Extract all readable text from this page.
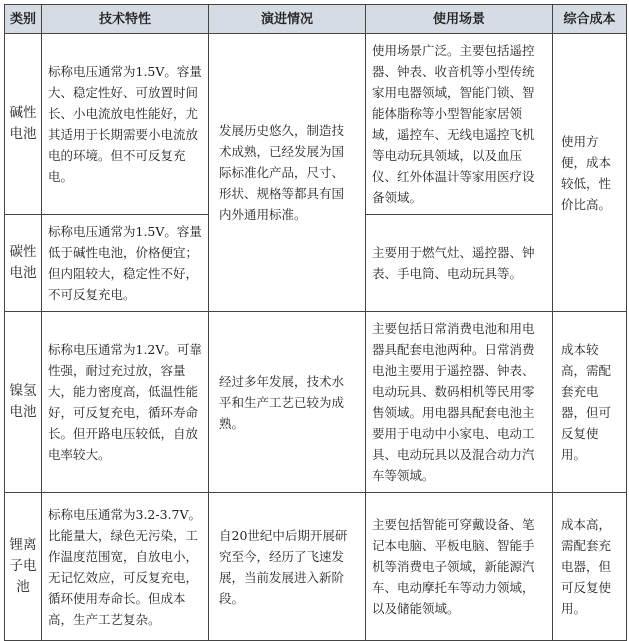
类别	技术特性	演进情况	使用场景	综合成本
碱性电池	标称电压通常为1.5V。容量大、稳定性好、可放置时间长、小电流放电性能好，尤其适用于长期需要小电流放电的环境。但不可反复充电。	发展历史悠久，制造技术成熟，已经发展为国际标准化产品，尺寸、形状、规格等都具有国内外通用标准。	使用场景广泛。主要包括遥控器、钟表、收音机等小型传统家用电器领域，智能门锁、智能体脂称等小型智能家居领域，遥控车、无线电遥控飞机等电动玩具领域，以及血压仪、红外体温计等家用医疗设备领域。	使用方便，成本较低，性价比高。
碳性电池	标称电压通常为1.5V。容量低于碱性电池，价格便宜；但内阻较大，稳定性不好，不可反复充电。		主要用于燃气灶、遥控器、钟表、手电筒、电动玩具等。	
镍氢电池	标称电压通常为1.2V。可靠性强，耐过充过放，容量大，能力密度高，低温性能好，可反复充电，循环寿命长。但开路电压较低，自放电率较大。	经过多年发展，技术水平和生产工艺已较为成熟。	主要包括日常消费电池和用电器具配套电池两种。日常消费电池主要用于遥控器、钟表、电动玩具、数码相机等民用零售领域。用电器具配套电池主要用于电动中小家电、电动工具、电动玩具以及混合动力汽车等领域。	成本较高，需配套充电器，但可反复使用。
锂离子电池	标称电压通常为3.2-3.7V。比能量大，绿色无污染，工作温度范围宽，自放电小，无记忆效应，可反复充电，循环使用寿命长。但成本高，生产工艺复杂。	自20世纪中后期开展研究至今，经历了飞速发展，当前发展进入新阶段。	主要包括智能可穿戴设备、笔记本电脑、平板电脑、智能手机等消费电子领域，新能源汽车、电动摩托车等动力领域，以及储能领域。	成本高，需配套充电器，但可反复使用。
